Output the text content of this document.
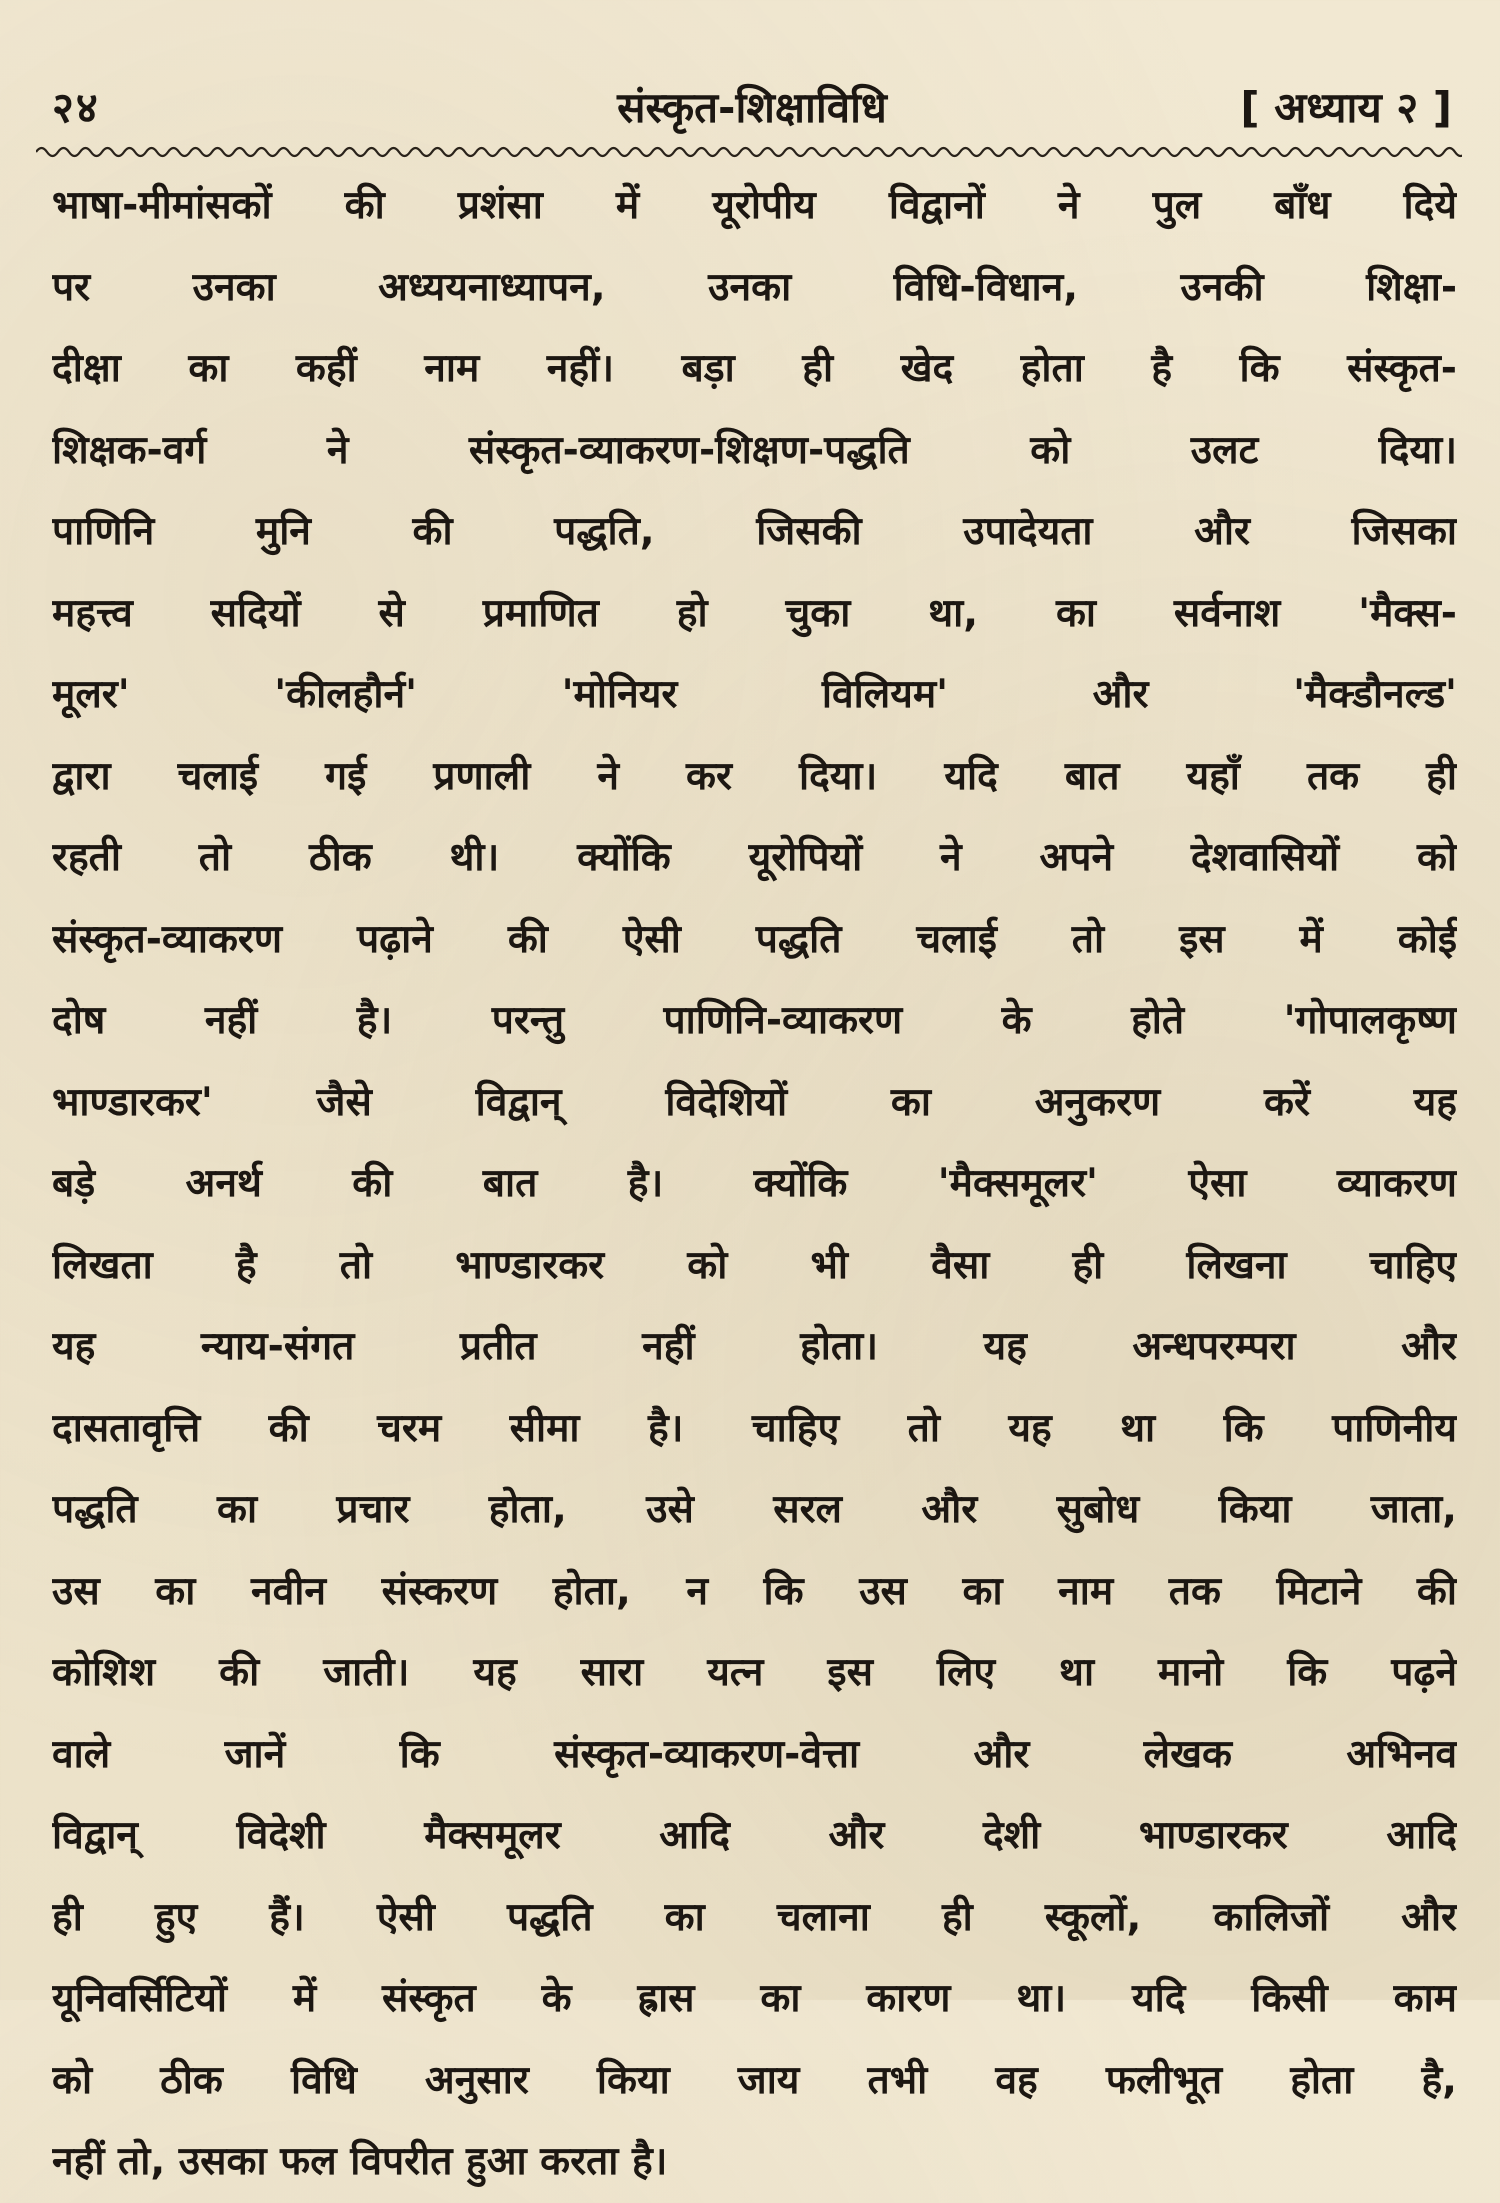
२४	संस्कृत-शिक्षाविधि	[ अध्याय २ ]
भाषा-मीमांसकों की प्रशंसा में यूरोपीय विद्वानों ने पुल बाँध दिये
पर उनका अध्ययनाध्यापन, उनका विधि-विधान, उनकी शिक्षा-
दीक्षा का कहीं नाम नहीं। बड़ा ही खेद होता है कि संस्कृत-
शिक्षक-वर्ग ने संस्कृत-व्याकरण-शिक्षण-पद्धति को उलट दिया।
पाणिनि मुनि की पद्धति, जिसकी उपादेयता और जिसका
महत्त्व सदियों से प्रमाणित हो चुका था, का सर्वनाश 'मैक्स-
मूलर' 'कीलहौर्न' 'मोनियर विलियम' और 'मैक्डौनल्ड'
द्वारा चलाई गई प्रणाली ने कर दिया। यदि बात यहाँ तक ही
रहती तो ठीक थी। क्योंकि यूरोपियों ने अपने देशवासियों को
संस्कृत-व्याकरण पढ़ाने की ऐसी पद्धति चलाई तो इस में कोई
दोष नहीं है। परन्तु पाणिनि-व्याकरण के होते 'गोपालकृष्ण
भाण्डारकर' जैसे विद्वान् विदेशियों का अनुकरण करें यह
बड़े अनर्थ की बात है। क्योंकि 'मैक्समूलर' ऐसा व्याकरण
लिखता है तो भाण्डारकर को भी वैसा ही लिखना चाहिए
यह न्याय-संगत प्रतीत नहीं होता। यह अन्धपरम्परा और
दासतावृत्ति की चरम सीमा है। चाहिए तो यह था कि पाणिनीय
पद्धति का प्रचार होता, उसे सरल और सुबोध किया जाता,
उस का नवीन संस्करण होता, न कि उस का नाम तक मिटाने की
कोशिश की जाती। यह सारा यत्न इस लिए था मानो कि पढ़ने
वाले जानें कि संस्कृत-व्याकरण-वेत्ता और लेखक अभिनव
विद्वान् विदेशी मैक्समूलर आदि और देशी भाण्डारकर आदि
ही हुए हैं। ऐसी पद्धति का चलाना ही स्कूलों, कालिजों और
यूनिवर्सिटियों में संस्कृत के ह्रास का कारण था। यदि किसी काम
को ठीक विधि अनुसार किया जाय तभी वह फलीभूत होता है,
नहीं तो, उसका फल विपरीत हुआ करता है।
